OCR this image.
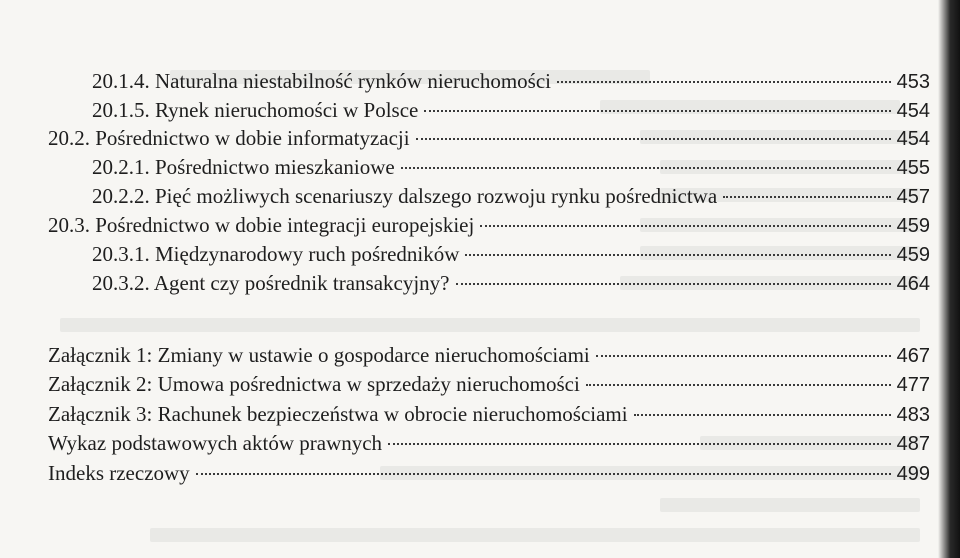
20.1.4. Naturalna niestabilność rynków nieruchomości	453
20.1.5. Rynek nieruchomości w Polsce	454
20.2. Pośrednictwo w dobie informatyzacji	454
20.2.1. Pośrednictwo mieszkaniowe	455
20.2.2. Pięć możliwych scenariuszy dalszego rozwoju rynku pośrednictwa	457
20.3. Pośrednictwo w dobie integracji europejskiej	459
20.3.1. Międzynarodowy ruch pośredników	459
20.3.2. Agent czy pośrednik transakcyjny?	464
Załącznik 1: Zmiany w ustawie o gospodarce nieruchomościami	467
Załącznik 2: Umowa pośrednictwa w sprzedaży nieruchomości	477
Załącznik 3: Rachunek bezpieczeństwa w obrocie nieruchomościami	483
Wykaz podstawowych aktów prawnych	487
Indeks rzeczowy	499
